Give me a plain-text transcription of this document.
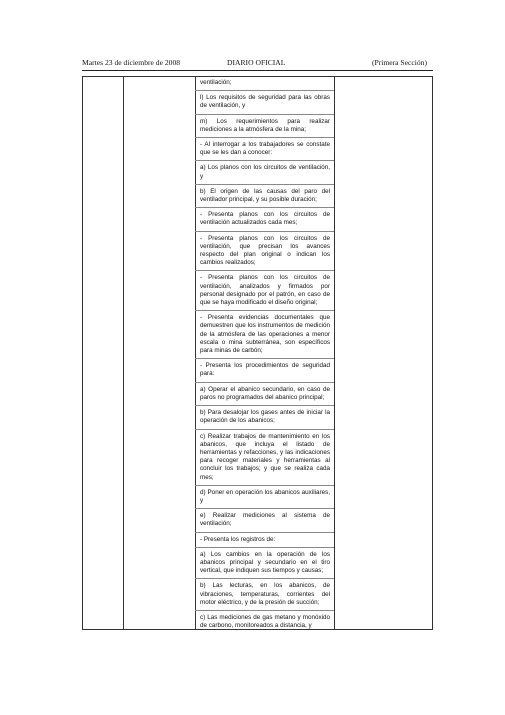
Martes 23 de diciembre de 2008	DIARIO OFICIAL	(Primera Sección)

ventilación;

l) Los requisitos de seguridad para las obras de ventilación, y

m) Los requerimientos para realizar mediciones a la atmósfera de la mina;

- Al interrogar a los trabajadores se constate que se les dan a conocer:

a) Los planos con los circuitos de ventilación, y

b) El origen de las causas del paro del ventilador principal, y su posible duración;

- Presenta planos con los circuitos de ventilación actualizados cada mes;

- Presenta planos con los circuitos de ventilación, que precisan los avances respecto del plan original o indican los cambios realizados;

- Presenta planos con los circuitos de ventilación, analizados y firmados por personal designado por el patrón, en caso de que se haya modificado el diseño original;

- Presenta evidencias documentales que demuestren que los instrumentos de medición de la atmósfera de las operaciones a menor escala o mina subterránea, son específicos para minas de carbón;

- Presenta los procedimientos de seguridad para:

a) Operar el abanico secundario, en caso de paros no programados del abanico principal;

b) Para desalojar los gases antes de iniciar la operación de los abanicos;

c) Realizar trabajos de mantenimiento en los abanicos, que incluya el listado de herramientas y refacciones, y las indicaciones para recoger materiales y herramientas al concluir los trabajos; y que se realiza cada mes;

d) Poner en operación los abanicos auxiliares, y

e) Realizar mediciones al sistema de ventilación;

- Presenta los registros de:

a) Los cambios en la operación de los abanicos principal y secundario en el tiro vertical, que indiquen sus tiempos y causas;

b) Las lecturas, en los abanicos, de vibraciones, temperaturas, corrientes del motor eléctrico, y de la presión de succión;

c) Las mediciones de gas metano y monóxido de carbono, monitoreados a distancia, y
